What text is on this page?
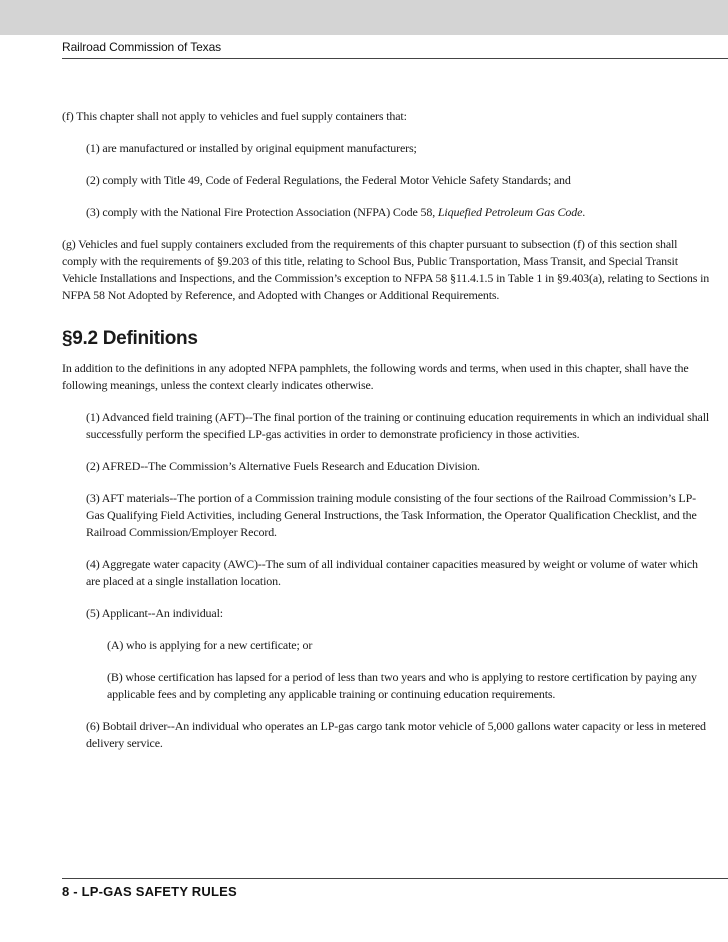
Railroad Commission of Texas

(f) This chapter shall not apply to vehicles and fuel supply containers that:

(1) are manufactured or installed by original equipment manufacturers;

(2) comply with Title 49, Code of Federal Regulations, the Federal Motor Vehicle Safety Standards; and

(3) comply with the National Fire Protection Association (NFPA) Code 58, Liquefied Petroleum Gas Code.

(g) Vehicles and fuel supply containers excluded from the requirements of this chapter pursuant to subsection (f) of this section shall comply with the requirements of §9.203 of this title, relating to School Bus, Public Transportation, Mass Transit, and Special Transit Vehicle Installations and Inspections, and the Commission’s exception to NFPA 58 §11.4.1.5 in Table 1 in §9.403(a), relating to Sections in NFPA 58 Not Adopted by Reference, and Adopted with Changes or Additional Requirements.

§9.2 Definitions

In addition to the definitions in any adopted NFPA pamphlets, the following words and terms, when used in this chapter, shall have the following meanings, unless the context clearly indicates otherwise.

(1) Advanced field training (AFT)--The final portion of the training or continuing education requirements in which an individual shall successfully perform the specified LP-gas activities in order to demonstrate proficiency in those activities.

(2) AFRED--The Commission’s Alternative Fuels Research and Education Division.

(3) AFT materials--The portion of a Commission training module consisting of the four sections of the Railroad Commission’s LP-Gas Qualifying Field Activities, including General Instructions, the Task Information, the Operator Qualification Checklist, and the Railroad Commission/Employer Record.

(4) Aggregate water capacity (AWC)--The sum of all individual container capacities measured by weight or volume of water which are placed at a single installation location.

(5) Applicant--An individual:

(A) who is applying for a new certificate; or

(B) whose certification has lapsed for a period of less than two years and who is applying to restore certification by paying any applicable fees and by completing any applicable training or continuing education requirements.

(6) Bobtail driver--An individual who operates an LP-gas cargo tank motor vehicle of 5,000 gallons water capacity or less in metered delivery service.

8 - LP-GAS SAFETY RULES
